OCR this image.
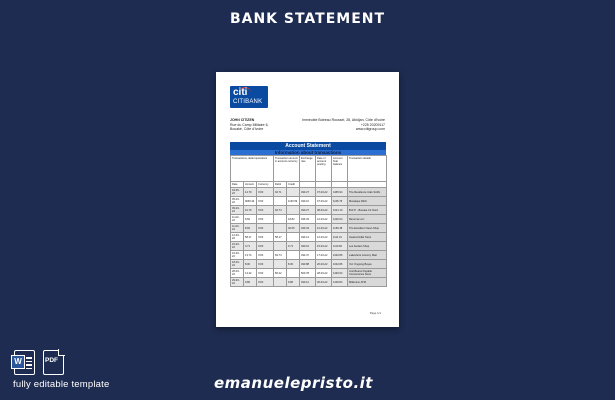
BANK STATEMENT
citi
CITIBANK
JOHN CITIZEN
Rue du Camp Militaire 6,
Bouaké, Côte d'Ivoire
Immeuble Botreau Roussel, 28, Abidjan, Côte d'Ivoire
+225 20209117
www.citigroup.com
Account Statement
Information about transactions
Transactions, detail operations			Transaction amount in account currency		Exchange rate	Date of account posting	Account final balance	Transaction details
Date	Amount	Currency	Debit	Credit				
04-05-22	14.79	XOF	92.71		490.27	07-03-22	4465.94	The Residence Cafe SARL
05-03-22	9060.34	XOF		1193.59	490.10	07-03-22	1105.76	Mosaique Ritch
09-03-22	10.79	XOF	92.74		490.27	08-03-22	1021.19	B.R.P. - Bouake Ctr Nord
11-03-22	8.60	XOF		18.82	496.33	12-03-22	1220.04	Renoma LLC
11-03-22	8.60	XOF		40.05	490.33	12-03-22	1169.48	The Excellent Clean Shop
12-03-22	58.17	XOF	58.17		490.14	12-03-22	1111.31	Awaza Dollar Store
15-03-22	0.71	XOF		0.71	490.16	15-03-22	1110.60	Les Ateliers Shop
16-03-22	13.74	XOF	69.74		490.47	17-03-22	1040.86	Lakeshore Grocery Mart
18-03-22	8.00	XOF		8.00	490.88	20-03-22	1032.86	Yez Ongoing Bayes
28-03-22	13.42	XOF	86.22		500.78	28-03-22	1246.64	Just Beans Payable Convenience Store
29-03-22	9.80	XOF		9.80	490.12	30-03-22	1236.84	Millenium ATM
Page 1/1
W	PDF
fully editable template	emanuelepristo.it
